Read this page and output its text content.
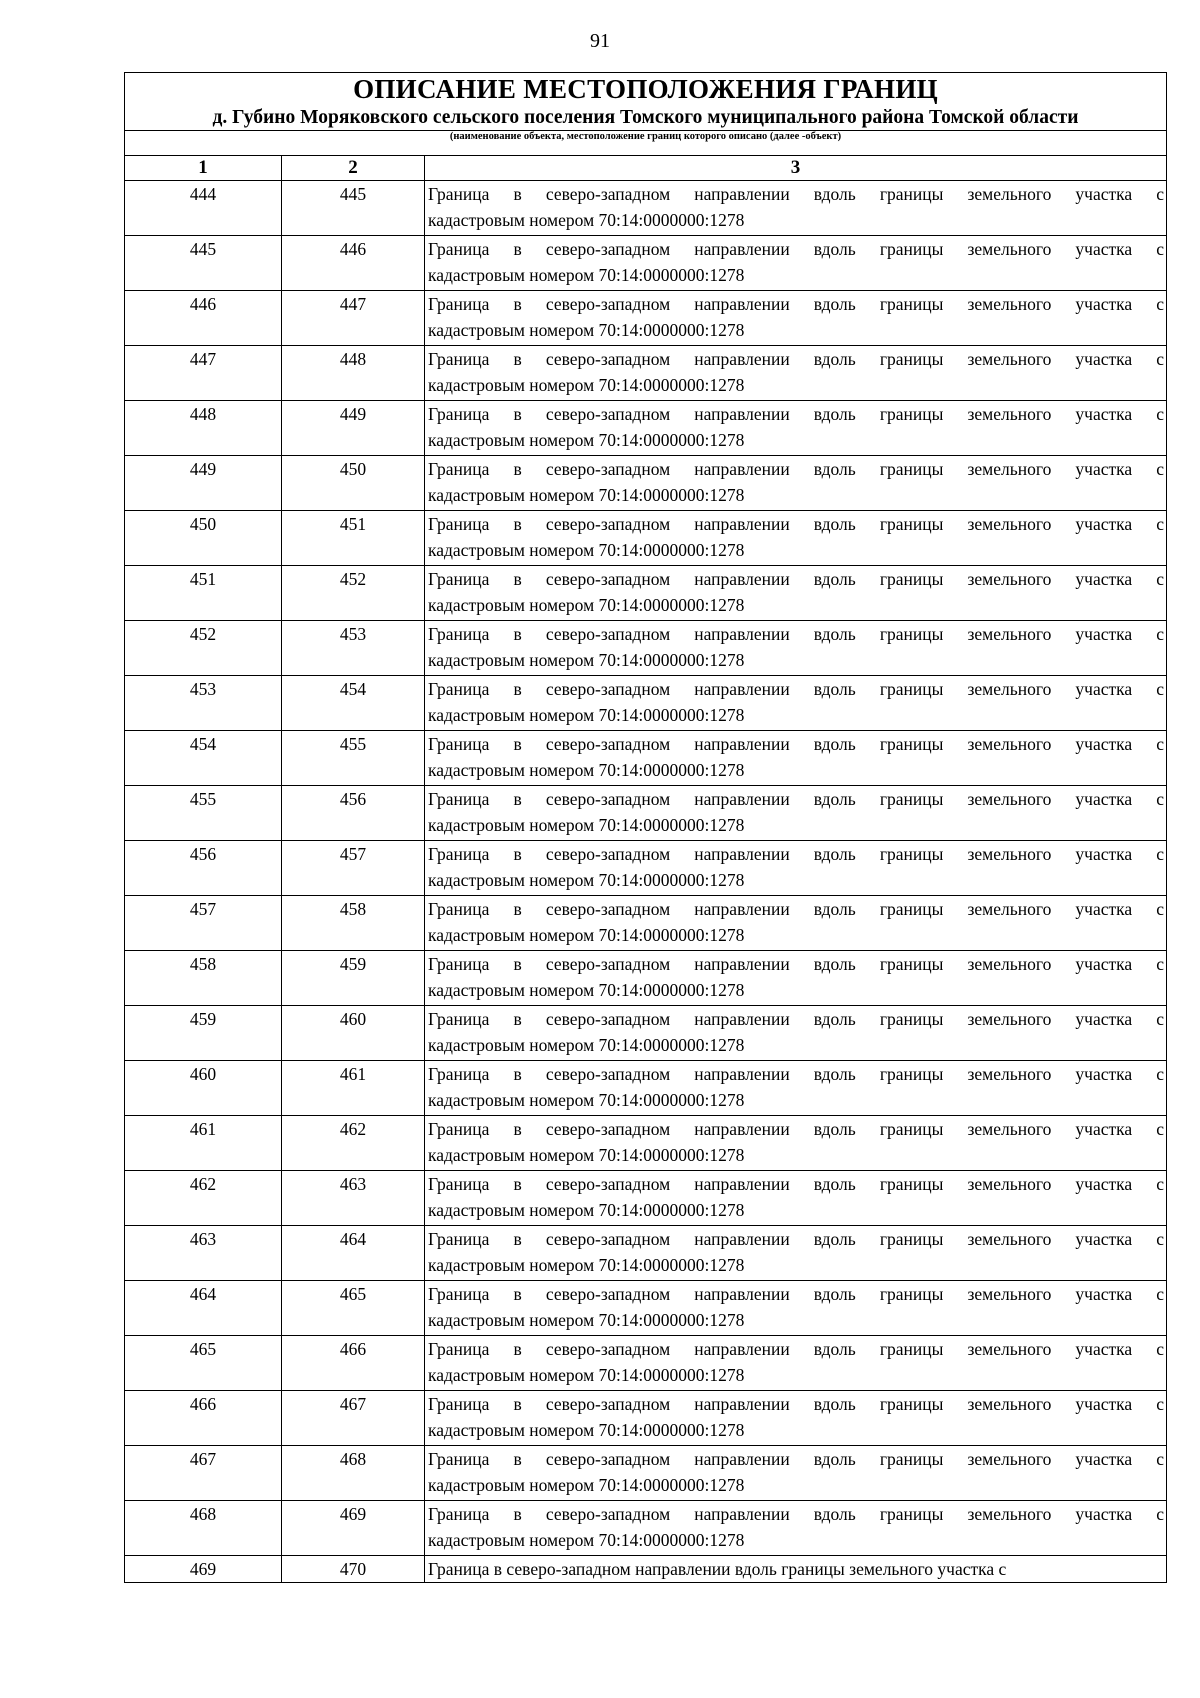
91
ОПИСАНИЕ МЕСТОПОЛОЖЕНИЯ ГРАНИЦ		
д. Губино Моряковского сельского поселения Томского муниципального района Томской области		
(наименование объекта, местоположение границ которого описано (далее -объект)		
1	2	3
444	445	Граница в северо-западном направлении вдоль границы земельного участка с
кадастровым номером 70:14:0000000:1278

445	446	Граница в северо-западном направлении вдоль границы земельного участка с
кадастровым номером 70:14:0000000:1278

446	447	Граница в северо-западном направлении вдоль границы земельного участка с
кадастровым номером 70:14:0000000:1278

447	448	Граница в северо-западном направлении вдоль границы земельного участка с
кадастровым номером 70:14:0000000:1278

448	449	Граница в северо-западном направлении вдоль границы земельного участка с
кадастровым номером 70:14:0000000:1278

449	450	Граница в северо-западном направлении вдоль границы земельного участка с
кадастровым номером 70:14:0000000:1278

450	451	Граница в северо-западном направлении вдоль границы земельного участка с
кадастровым номером 70:14:0000000:1278

451	452	Граница в северо-западном направлении вдоль границы земельного участка с
кадастровым номером 70:14:0000000:1278

452	453	Граница в северо-западном направлении вдоль границы земельного участка с
кадастровым номером 70:14:0000000:1278

453	454	Граница в северо-западном направлении вдоль границы земельного участка с
кадастровым номером 70:14:0000000:1278

454	455	Граница в северо-западном направлении вдоль границы земельного участка с
кадастровым номером 70:14:0000000:1278

455	456	Граница в северо-западном направлении вдоль границы земельного участка с
кадастровым номером 70:14:0000000:1278

456	457	Граница в северо-западном направлении вдоль границы земельного участка с
кадастровым номером 70:14:0000000:1278

457	458	Граница в северо-западном направлении вдоль границы земельного участка с
кадастровым номером 70:14:0000000:1278

458	459	Граница в северо-западном направлении вдоль границы земельного участка с
кадастровым номером 70:14:0000000:1278

459	460	Граница в северо-западном направлении вдоль границы земельного участка с
кадастровым номером 70:14:0000000:1278

460	461	Граница в северо-западном направлении вдоль границы земельного участка с
кадастровым номером 70:14:0000000:1278

461	462	Граница в северо-западном направлении вдоль границы земельного участка с
кадастровым номером 70:14:0000000:1278

462	463	Граница в северо-западном направлении вдоль границы земельного участка с
кадастровым номером 70:14:0000000:1278

463	464	Граница в северо-западном направлении вдоль границы земельного участка с
кадастровым номером 70:14:0000000:1278

464	465	Граница в северо-западном направлении вдоль границы земельного участка с
кадастровым номером 70:14:0000000:1278

465	466	Граница в северо-западном направлении вдоль границы земельного участка с
кадастровым номером 70:14:0000000:1278

466	467	Граница в северо-западном направлении вдоль границы земельного участка с
кадастровым номером 70:14:0000000:1278

467	468	Граница в северо-западном направлении вдоль границы земельного участка с
кадастровым номером 70:14:0000000:1278

468	469	Граница в северо-западном направлении вдоль границы земельного участка с
кадастровым номером 70:14:0000000:1278

469	470	Граница в северо-западном направлении вдоль границы земельного участка с
